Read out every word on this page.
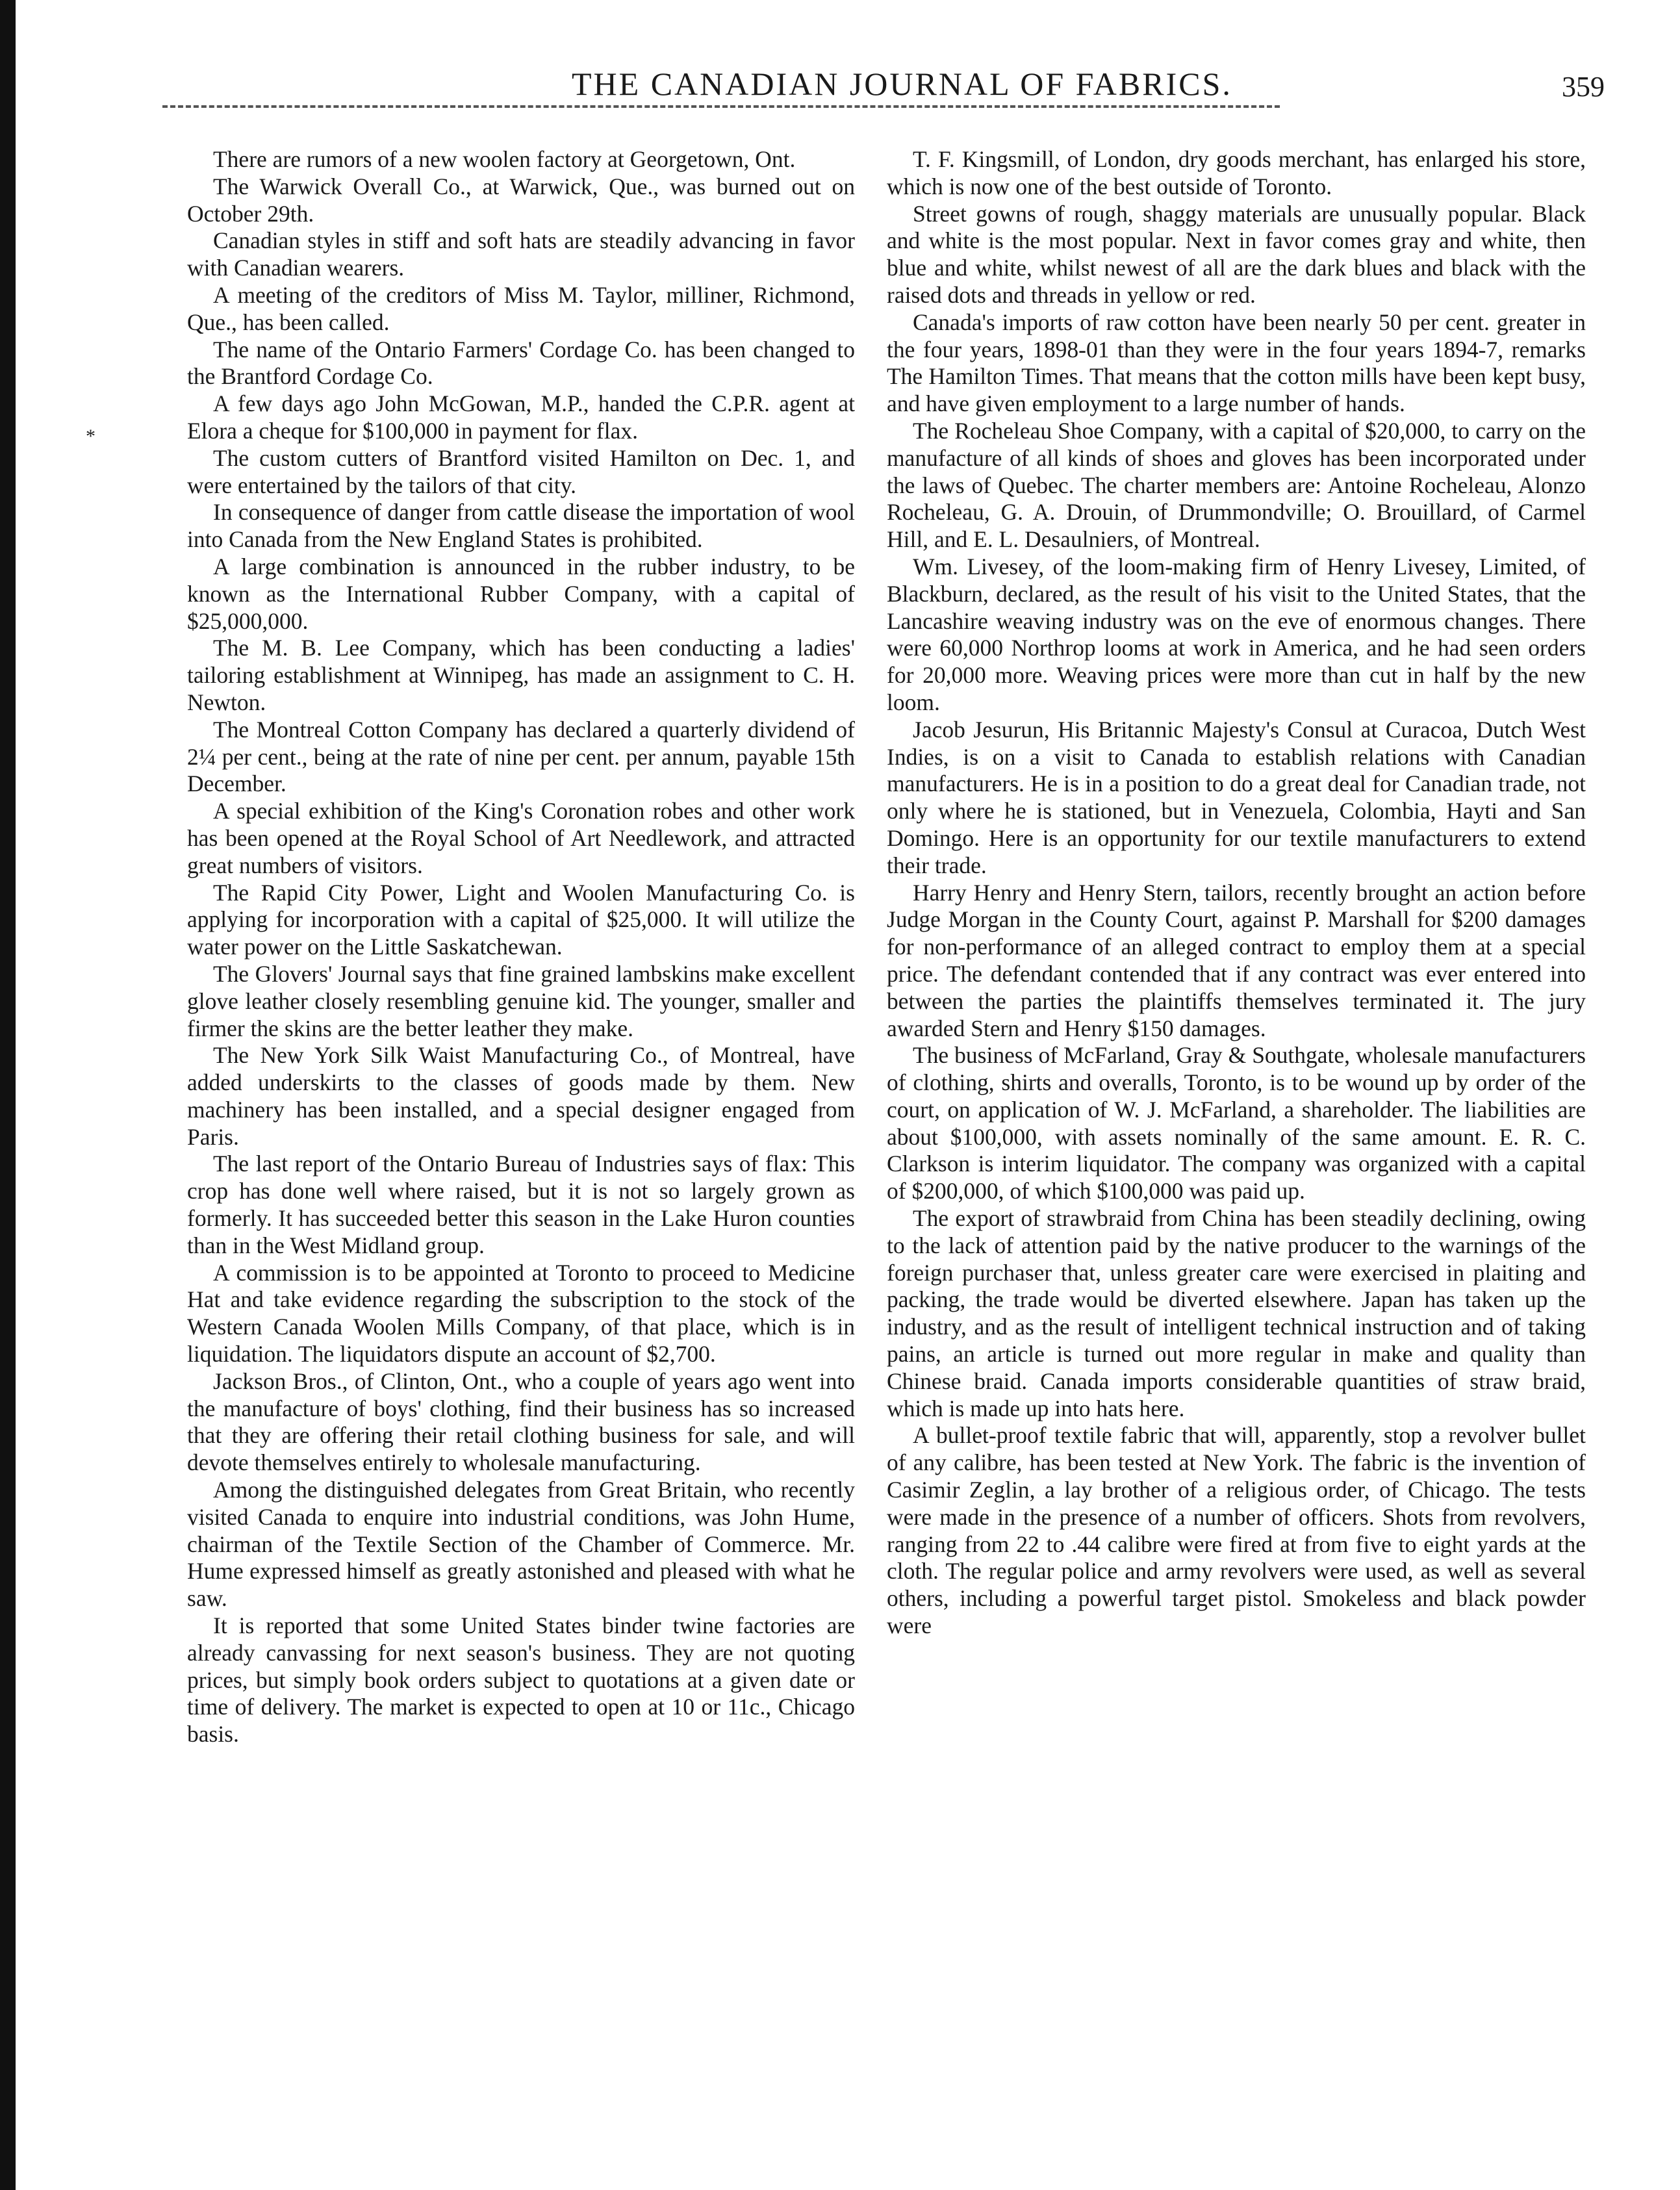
*
THE CANADIAN JOURNAL OF FABRICS.	359

There are rumors of a new woolen factory at Georgetown, Ont.

The Warwick Overall Co., at Warwick, Que., was burned out on October 29th.

Canadian styles in stiff and soft hats are steadily advancing in favor with Canadian wearers.

A meeting of the creditors of Miss M. Taylor, milliner, Richmond, Que., has been called.

The name of the Ontario Farmers' Cordage Co. has been changed to the Brantford Cordage Co.

A few days ago John McGowan, M.P., handed the C.P.R. agent at Elora a cheque for $100,000 in payment for flax.

The custom cutters of Brantford visited Hamilton on Dec. 1, and were entertained by the tailors of that city.

In consequence of danger from cattle disease the importation of wool into Canada from the New England States is prohibited.

A large combination is announced in the rubber industry, to be known as the International Rubber Company, with a capital of $25,000,000.

The M. B. Lee Company, which has been conducting a ladies' tailoring establishment at Winnipeg, has made an assignment to C. H. Newton.

The Montreal Cotton Company has declared a quarterly dividend of 2¼ per cent., being at the rate of nine per cent. per annum, payable 15th December.

A special exhibition of the King's Coronation robes and other work has been opened at the Royal School of Art Needlework, and attracted great numbers of visitors.

The Rapid City Power, Light and Woolen Manufacturing Co. is applying for incorporation with a capital of $25,000. It will utilize the water power on the Little Saskatchewan.

The Glovers' Journal says that fine grained lambskins make excellent glove leather closely resembling genuine kid. The younger, smaller and firmer the skins are the better leather they make.

The New York Silk Waist Manufacturing Co., of Montreal, have added underskirts to the classes of goods made by them. New machinery has been installed, and a special designer engaged from Paris.

The last report of the Ontario Bureau of Industries says of flax: This crop has done well where raised, but it is not so largely grown as formerly. It has succeeded better this season in the Lake Huron counties than in the West Midland group.

A commission is to be appointed at Toronto to proceed to Medicine Hat and take evidence regarding the subscription to the stock of the Western Canada Woolen Mills Company, of that place, which is in liquidation. The liquidators dispute an account of $2,700.

Jackson Bros., of Clinton, Ont., who a couple of years ago went into the manufacture of boys' clothing, find their business has so increased that they are offering their retail clothing business for sale, and will devote themselves entirely to wholesale manufacturing.

Among the distinguished delegates from Great Britain, who recently visited Canada to enquire into industrial conditions, was John Hume, chairman of the Textile Section of the Chamber of Commerce. Mr. Hume expressed himself as greatly astonished and pleased with what he saw.

It is reported that some United States binder twine factories are already canvassing for next season's business. They are not quoting prices, but simply book orders subject to quotations at a given date or time of delivery. The market is expected to open at 10 or 11c., Chicago basis.

T. F. Kingsmill, of London, dry goods merchant, has enlarged his store, which is now one of the best outside of Toronto.

Street gowns of rough, shaggy materials are unusually popular. Black and white is the most popular. Next in favor comes gray and white, then blue and white, whilst newest of all are the dark blues and black with the raised dots and threads in yellow or red.

Canada's imports of raw cotton have been nearly 50 per cent. greater in the four years, 1898-01 than they were in the four years 1894-7, remarks The Hamilton Times. That means that the cotton mills have been kept busy, and have given employment to a large number of hands.

The Rocheleau Shoe Company, with a capital of $20,000, to carry on the manufacture of all kinds of shoes and gloves has been incorporated under the laws of Quebec. The charter members are: Antoine Rocheleau, Alonzo Rocheleau, G. A. Drouin, of Drummondville; O. Brouillard, of Carmel Hill, and E. L. Desaulniers, of Montreal.

Wm. Livesey, of the loom-making firm of Henry Livesey, Limited, of Blackburn, declared, as the result of his visit to the United States, that the Lancashire weaving industry was on the eve of enormous changes. There were 60,000 Northrop looms at work in America, and he had seen orders for 20,000 more. Weaving prices were more than cut in half by the new loom.

Jacob Jesurun, His Britannic Majesty's Consul at Curacoa, Dutch West Indies, is on a visit to Canada to establish relations with Canadian manufacturers. He is in a position to do a great deal for Canadian trade, not only where he is stationed, but in Venezuela, Colombia, Hayti and San Domingo. Here is an opportunity for our textile manufacturers to extend their trade.

Harry Henry and Henry Stern, tailors, recently brought an action before Judge Morgan in the County Court, against P. Marshall for $200 damages for non-performance of an alleged contract to employ them at a special price. The defendant contended that if any contract was ever entered into between the parties the plaintiffs themselves terminated it. The jury awarded Stern and Henry $150 damages.

The business of McFarland, Gray & Southgate, wholesale manufacturers of clothing, shirts and overalls, Toronto, is to be wound up by order of the court, on application of W. J. McFarland, a shareholder. The liabilities are about $100,000, with assets nominally of the same amount. E. R. C. Clarkson is interim liquidator. The company was organized with a capital of $200,000, of which $100,000 was paid up.

The export of strawbraid from China has been steadily declining, owing to the lack of attention paid by the native producer to the warnings of the foreign purchaser that, unless greater care were exercised in plaiting and packing, the trade would be diverted elsewhere. Japan has taken up the industry, and as the result of intelligent technical instruction and of taking pains, an article is turned out more regular in make and quality than Chinese braid. Canada imports considerable quantities of straw braid, which is made up into hats here.

A bullet-proof textile fabric that will, apparently, stop a revolver bullet of any calibre, has been tested at New York. The fabric is the invention of Casimir Zeglin, a lay brother of a religious order, of Chicago. The tests were made in the presence of a number of officers. Shots from revolvers, ranging from 22 to .44 calibre were fired at from five to eight yards at the cloth. The regular police and army revolvers were used, as well as several others, including a powerful target pistol. Smokeless and black powder were
